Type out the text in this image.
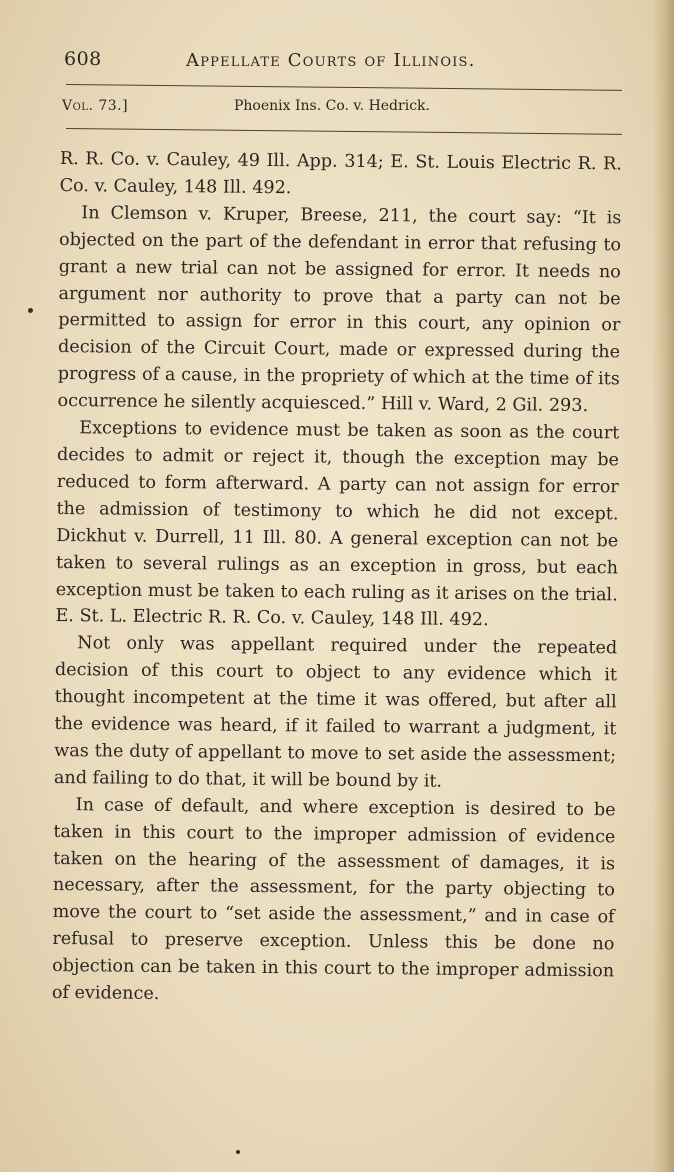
608	Appellate Courts of Illinois.
Vol. 73.]	Phoenix Ins. Co. v. Hedrick.

R. R. Co. v. Cauley, 49 Ill. App. 314; E. St. Louis Electric R. R. Co. v. Cauley, 148 Ill. 492.

In Clemson v. Kruper, Breese, 211, the court say: “It is objected on the part of the defendant in error that refusing to grant a new trial can not be assigned for error. It needs no argument nor authority to prove that a party can not be permitted to assign for error in this court, any opinion or decision of the Circuit Court, made or expressed during the progress of a cause, in the propriety of which at the time of its occurrence he silently acquiesced.” Hill v. Ward, 2 Gil. 293.

Exceptions to evidence must be taken as soon as the court decides to admit or reject it, though the exception may be reduced to form afterward. A party can not assign for error the admission of testimony to which he did not except. Dickhut v. Durrell, 11 Ill. 80. A general exception can not be taken to several rulings as an exception in gross, but each exception must be taken to each ruling as it arises on the trial. E. St. L. Electric R. R. Co. v. Cauley, 148 Ill. 492.

Not only was appellant required under the repeated decision of this court to object to any evidence which it thought incompetent at the time it was offered, but after all the evidence was heard, if it failed to warrant a judgment, it was the duty of appellant to move to set aside the assessment; and failing to do that, it will be bound by it.

In case of default, and where exception is desired to be taken in this court to the improper admission of evidence taken on the hearing of the assessment of damages, it is necessary, after the assessment, for the party objecting to move the court to “set aside the assessment,” and in case of refusal to preserve exception. Unless this be done no objection can be taken in this court to the improper admission of evidence.
